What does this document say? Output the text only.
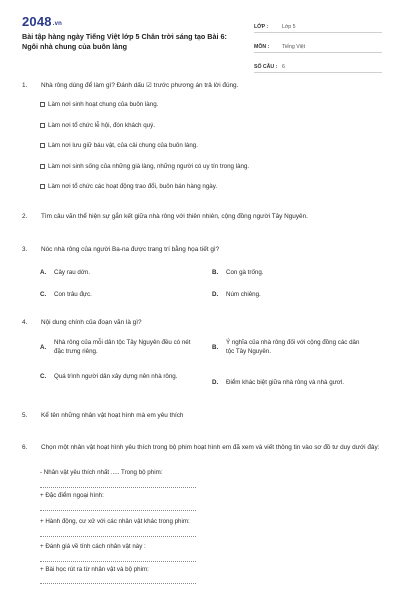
2048.vn
Bài tập hàng ngày Tiếng Việt lớp 5 Chân trời sáng tạo Bài 6: Ngôi nhà chung của buôn làng
LỚP :	Lớp 5
MÔN :	Tiếng Việt
SỐ CÂU : 6
1.	Nhà rông dùng để làm gì? Đánh dấu ☑ trước phương án trả lời đúng.
Làm nơi sinh hoạt chung của buôn làng.
Làm nơi tổ chức lễ hội, đón khách quý.
Làm nơi lưu giữ báu vật, của cải chung của buôn làng.
Làm nơi sinh sống của những già làng, những người có uy tín trong làng.
Làm nơi tổ chức các hoạt động trao đổi, buôn bán hàng ngày.
2.	Tìm câu văn thể hiện sự gắn kết giữa nhà rông với thiên nhiên, cộng đồng người Tây Nguyên.
3.	Nóc nhà rông của người Ba-na được trang trí bằng họa tiết gì?
A.	Cây rau dớn.	B.	Con gà trống.
C.	Con trâu đực.	D.	Núm chiêng.
4.	Nội dung chính của đoạn văn là gì?
A.
Nhà rông của mỗi dân tộc Tây Nguyên đều có nét đặc trưng riêng.
B.
Ý nghĩa của nhà rông đối với cộng đồng các dân tộc Tây Nguyên.
C.	Quá trình người dân xây dựng nên nhà rông.
D.	Điểm khác biệt giữa nhà rông và nhà gươl.
5.	Kể tên những nhân vật hoạt hình mà em yêu thích
6.	Chọn một nhân vật hoạt hình yêu thích trong bộ phim hoạt hình em đã xem và viết thông tin vào sơ đồ tư duy dưới đây:
- Nhân vật yêu thích nhất ..... Trong bộ phim:
+ Đặc điểm ngoại hình:
+ Hành động, cư xử với các nhân vật khác trong phim:
+ Đánh giá về tính cách nhân vật này :
+ Bài học rút ra từ nhân vật và bộ phim:
